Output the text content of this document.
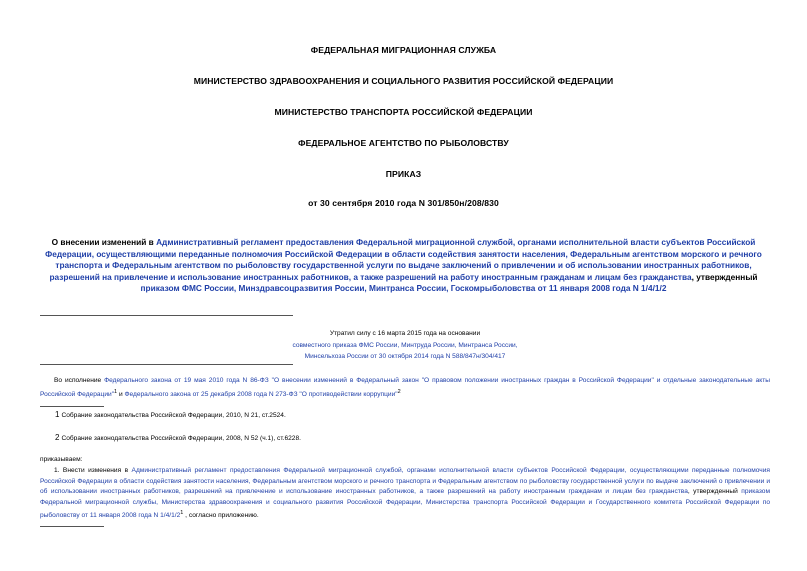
ФЕДЕРАЛЬНАЯ МИГРАЦИОННАЯ СЛУЖБА
МИНИСТЕРСТВО ЗДРАВООХРАНЕНИЯ И СОЦИАЛЬНОГО РАЗВИТИЯ РОССИЙСКОЙ ФЕДЕРАЦИИ
МИНИСТЕРСТВО ТРАНСПОРТА РОССИЙСКОЙ ФЕДЕРАЦИИ
ФЕДЕРАЛЬНОЕ АГЕНТСТВО ПО РЫБОЛОВСТВУ
ПРИКАЗ
от 30 сентября 2010 года N 301/850н/208/830
О внесении изменений в Административный регламент предоставления Федеральной миграционной службой, органами исполнительной власти субъектов Российской Федерации, осуществляющими переданные полномочия Российской Федерации в области содействия занятости населения, Федеральным агентством морского и речного транспорта и Федеральным агентством по рыболовству государственной услуги по выдаче заключений о привлечении и об использовании иностранных работников, разрешений на привлечение и использование иностранных работников, а также разрешений на работу иностранным гражданам и лицам без гражданства, утвержденный приказом ФМС России, Минздравсоцразвития России, Минтранса России, Госкомрыболовства от 11 января 2008 года N 1/4/1/2
Утратил силу с 16 марта 2015 года на основании
совместного приказа ФМС России, Минтруда России, Минтранса России,
Минсельхоза России от 30 октября 2014 года N 588/847н/304/417
Во исполнение Федерального закона от 19 мая 2010 года N 86-ФЗ "О внесении изменений в Федеральный закон "О правовом положении иностранных граждан в Российской Федерации" и отдельные законодательные акты Российской Федерации"$^1$ и Федерального закона от 25 декабря 2008 года N 273-ФЗ "О противодействии коррупции"$^2$
1 Собрание законодательства Российской Федерации, 2010, N 21, ст.2524.
2 Собрание законодательства Российской Федерации, 2008, N 52 (ч.1), ст.6228.
приказываем:
1. Внести изменения в Административный регламент предоставления Федеральной миграционной службой, органами исполнительной власти субъектов Российской Федерации, осуществляющими переданные полномочия Российской Федерации в области содействия занятости населения, Федеральным агентством морского и речного транспорта и Федеральным агентством по рыболовству государственной услуги по выдаче заключений о привлечении и об использовании иностранных работников, разрешений на привлечение и использование иностранных работников, а также разрешений на работу иностранным гражданам и лицам без гражданства, утвержденный приказом Федеральной миграционной службы, Министерства здравоохранения и социального развития Российской Федерации, Министерства транспорта Российской Федерации и Государственного комитета Российской Федерации по рыболовству от 11 января 2008 года N $1/4/1/2^1$ , согласно приложению.
